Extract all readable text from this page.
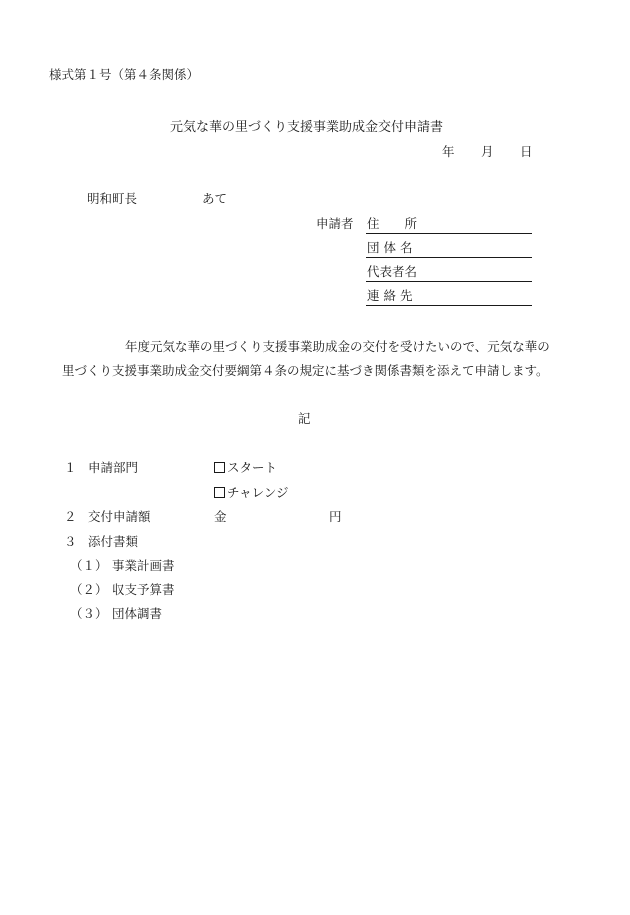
様式第１号（第４条関係）
元気な華の里づくり支援事業助成金交付申請書
年 月 日
明和町長	あて
申請者 住　　所
団 体 名
代表者名
連 絡 先
年度元気な華の里づくり支援事業助成金の交付を受けたいので、元気な華の
里づくり支援事業助成金交付要綱第４条の規定に基づき関係書類を添えて申請します。
記
１ 申請部門	スタート
チャレンジ
２ 交付申請額	金	円
３ 添付書類
（１） 事業計画書
（２） 収支予算書
（３） 団体調書
